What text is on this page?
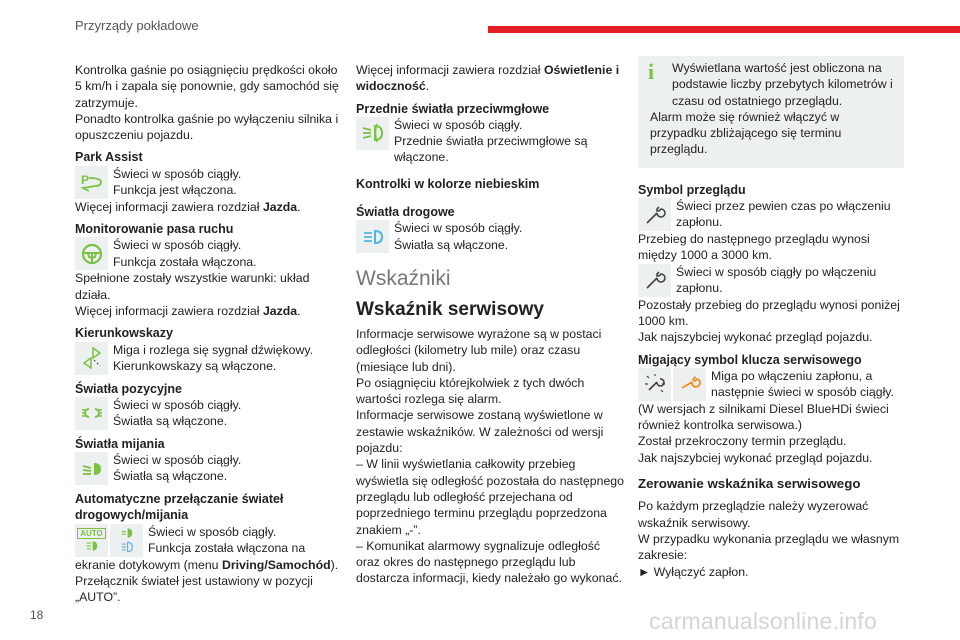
Przyrządy pokładowe

Kontrolka gaśnie po osiągnięciu prędkości około 5 km/h i zapala się ponownie, gdy samochód się zatrzymuje.

Ponadto kontrolka gaśnie po wyłączeniu silnika i opuszczeniu pojazdu.

Park Assist

P Świeci w sposób ciągły.

Funkcja jest włączona.

Więcej informacji zawiera rozdział Jazda.

Monitorowanie pasa ruchu

Świeci w sposób ciągły.

Funkcja została włączona.

Spełnione zostały wszystkie warunki: układ działa.

Więcej informacji zawiera rozdział Jazda.

Kierunkowskazy

Miga i rozlega się sygnał dźwiękowy.

Kierunkowskazy są włączone.

Światła pozycyjne

Świeci w sposób ciągły.

Światła są włączone.

Światła mijania

Świeci w sposób ciągły.

Światła są włączone.

Automatyczne przełączanie świateł drogowych/mijania

AUTO	Świeci w sposób ciągły.

Funkcja została włączona na

ekranie dotykowym (menu Driving/Samochód).

Przełącznik świateł jest ustawiony w pozycji „AUTO”.

Więcej informacji zawiera rozdział Oświetlenie i widoczność.

Przednie światła przeciwmgłowe

Świeci w sposób ciągły.

Przednie światła przeciwmgłowe są włączone.

Kontrolki w kolorze niebieskim

Światła drogowe

Świeci w sposób ciągły.

Światła są włączone.

Wskaźniki

Wskaźnik serwisowy

Informacje serwisowe wyrażone są w postaci odległości (kilometry lub mile) oraz czasu (miesiące lub dni).

Po osiągnięciu którejkolwiek z tych dwóch wartości rozlega się alarm.

Informacje serwisowe zostaną wyświetlone w zestawie wskaźników. W zależności od wersji pojazdu:

– W linii wyświetlania całkowity przebieg wyświetla się odległość pozostała do następnego przeglądu lub odległość przejechana od poprzedniego terminu przeglądu poprzedzona znakiem „-”.

– Komunikat alarmowy sygnalizuje odległość oraz okres do następnego przeglądu lub dostarcza informacji, kiedy należało go wykonać.

i	Wyświetlana wartość jest obliczona na podstawie liczby przebytych kilometrów i czasu od ostatniego przeglądu.

Alarm może się również włączyć w przypadku zbliżającego się terminu przeglądu.

Symbol przeglądu

Świeci przez pewien czas po włączeniu zapłonu.

Przebieg do następnego przeglądu wynosi między 1000 a 3000 km.

Świeci w sposób ciągły po włączeniu zapłonu.

Pozostały przebieg do przeglądu wynosi poniżej 1000 km.

Jak najszybciej wykonać przegląd pojazdu.

Migający symbol klucza serwisowego

Miga po włączeniu zapłonu, a następnie świeci w sposób ciągły.

(W wersjach z silnikami Diesel BlueHDi świeci również kontrolka serwisowa.)

Został przekroczony termin przeglądu.

Jak najszybciej wykonać przegląd pojazdu.

Zerowanie wskaźnika serwisowego

Po każdym przeglądzie należy wyzerować wskaźnik serwisowy.

W przypadku wykonania przeglądu we własnym zakresie:

► Wyłączyć zapłon.

18	carmanualsonline.info
